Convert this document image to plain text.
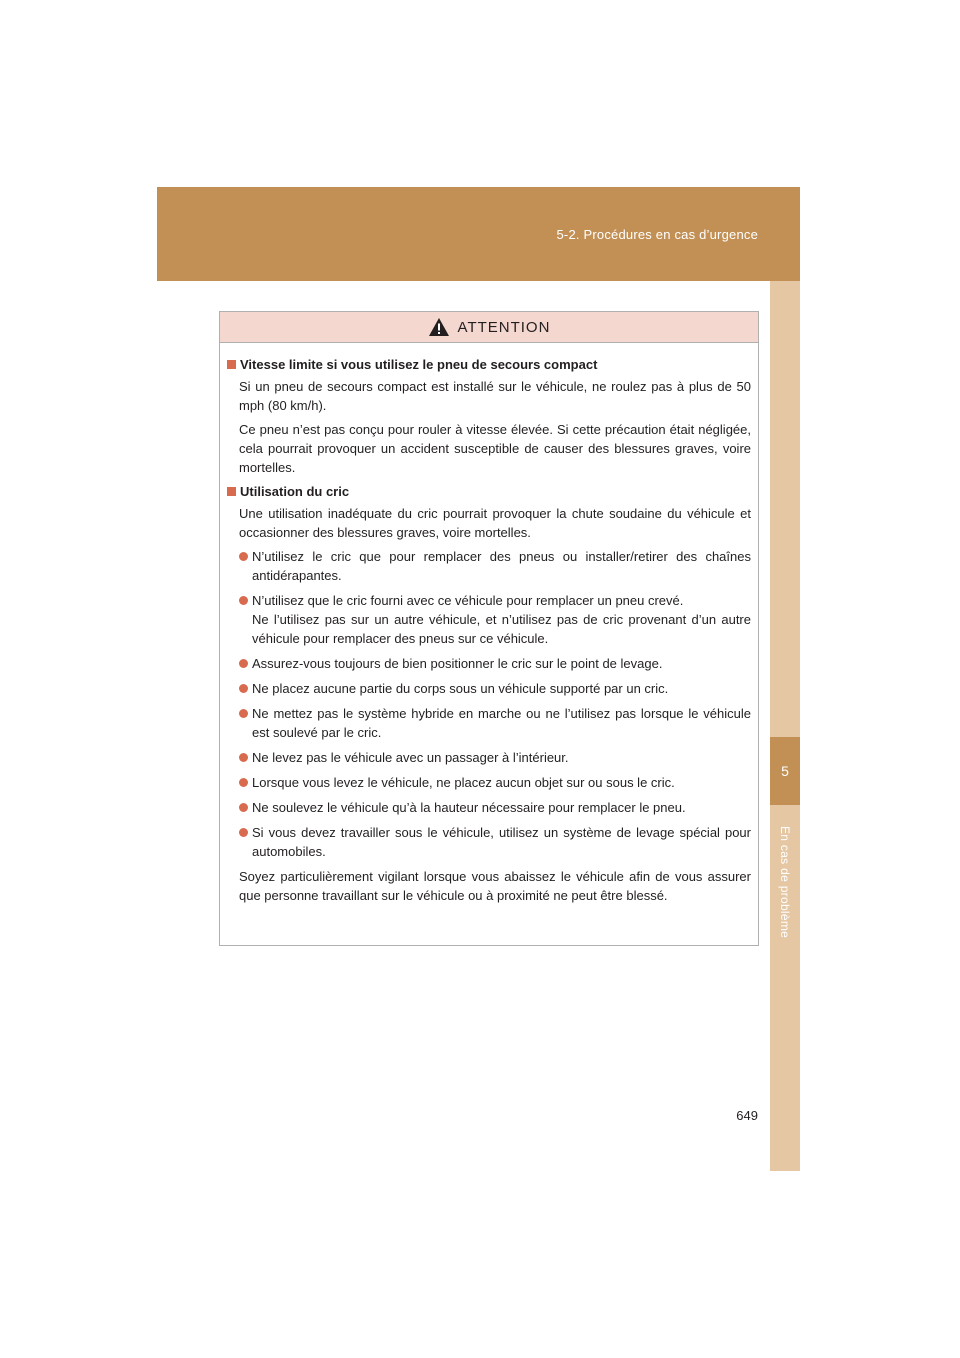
5-2. Procédures en cas d’urgence
5
En cas de problème
ATTENTION
Vitesse limite si vous utilisez le pneu de secours compact
Si un pneu de secours compact est installé sur le véhicule, ne roulez pas à plus de 50 mph (80 km/h).
Ce pneu n’est pas conçu pour rouler à vitesse élevée. Si cette précaution était négligée, cela pourrait provoquer un accident susceptible de causer des blessures graves, voire mortelles.
Utilisation du cric
Une utilisation inadéquate du cric pourrait provoquer la chute soudaine du véhicule et occasionner des blessures graves, voire mortelles.
N’utilisez le cric que pour remplacer des pneus ou installer/retirer des chaînes antidérapantes.
N’utilisez que le cric fourni avec ce véhicule pour remplacer un pneu crevé.
Ne l’utilisez pas sur un autre véhicule, et n’utilisez pas de cric provenant d’un autre véhicule pour remplacer des pneus sur ce véhicule.
Assurez-vous toujours de bien positionner le cric sur le point de levage.
Ne placez aucune partie du corps sous un véhicule supporté par un cric.
Ne mettez pas le système hybride en marche ou ne l’utilisez pas lorsque le véhicule est soulevé par le cric.
Ne levez pas le véhicule avec un passager à l’intérieur.
Lorsque vous levez le véhicule, ne placez aucun objet sur ou sous le cric.
Ne soulevez le véhicule qu’à la hauteur nécessaire pour remplacer le pneu.
Si vous devez travailler sous le véhicule, utilisez un système de levage spécial pour automobiles.
Soyez particulièrement vigilant lorsque vous abaissez le véhicule afin de vous assurer que personne travaillant sur le véhicule ou à proximité ne peut être blessé.
649
